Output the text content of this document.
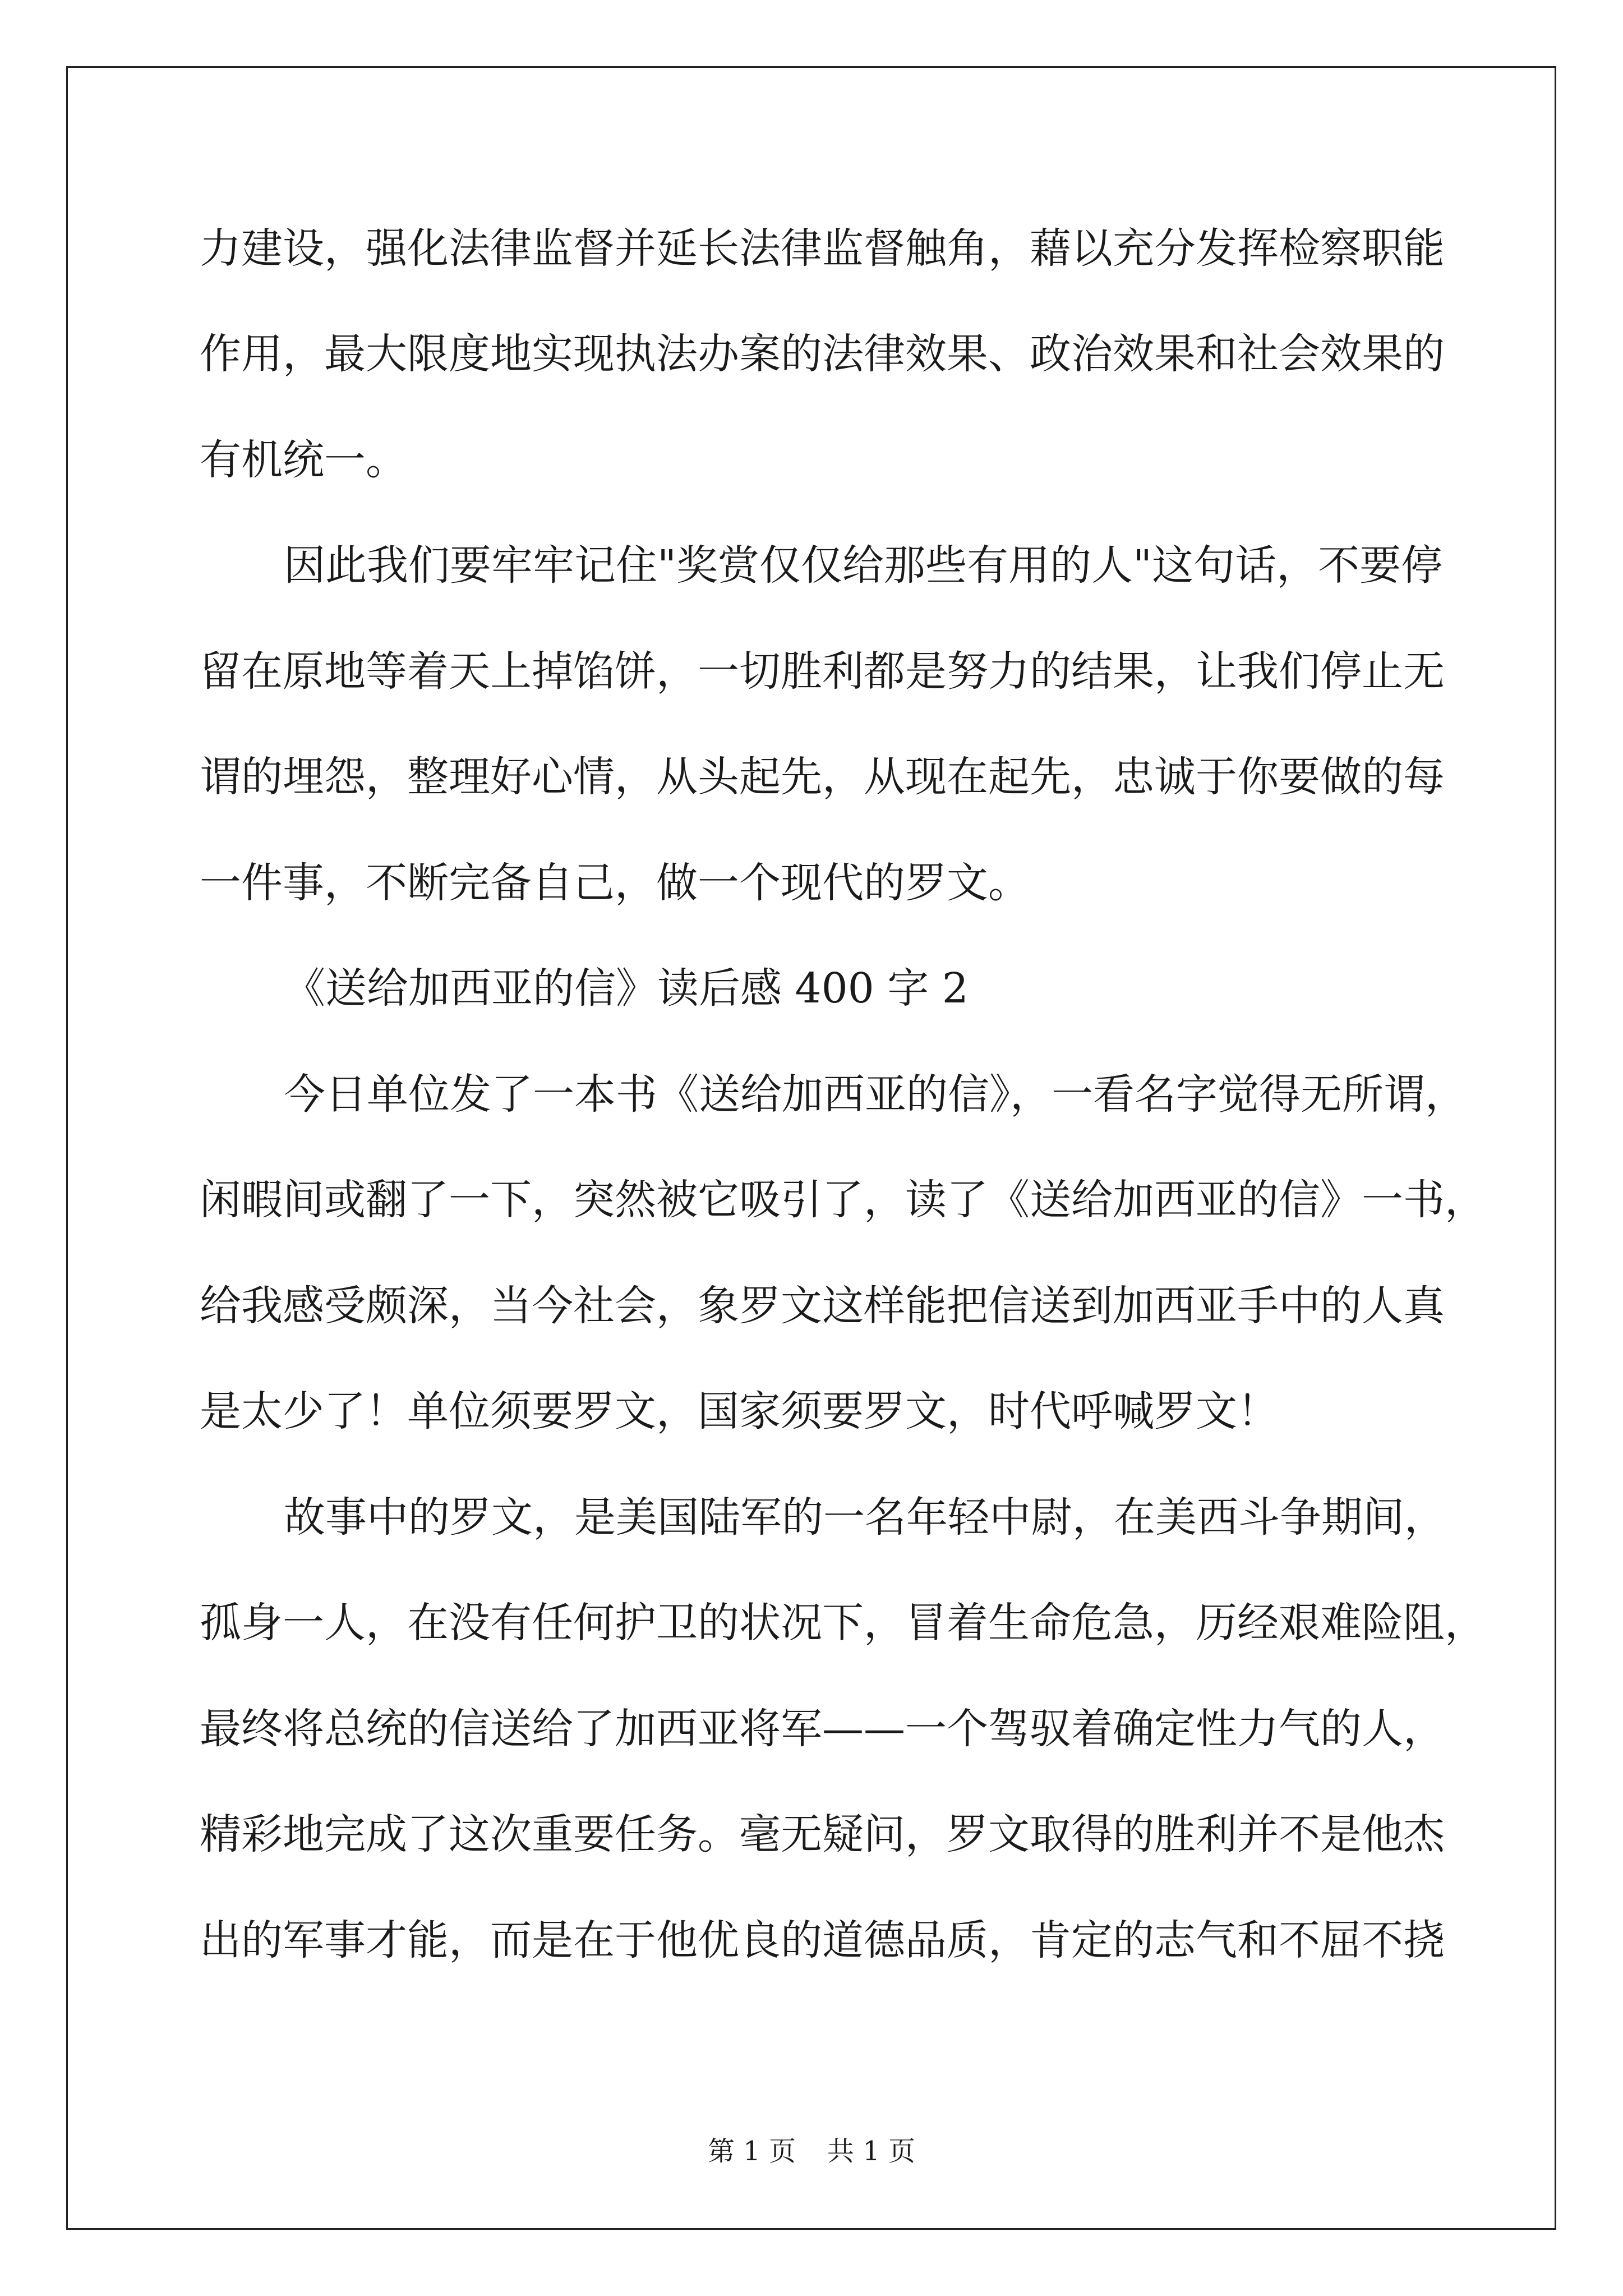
力建设，强化法律监督并延长法律监督触角，藉以充分发挥检察职能
作用，最大限度地实现执法办案的法律效果、政治效果和社会效果的
有机统一。
因此我们要牢牢记住"奖赏仅仅给那些有用的人"这句话，不要停
留在原地等着天上掉馅饼，一切胜利都是努力的结果，让我们停止无
谓的埋怨，整理好心情，从头起先，从现在起先，忠诚于你要做的每
一件事，不断完备自己，做一个现代的罗文。
《送给加西亚的信》读后感 400 字 2
今日单位发了一本书《送给加西亚的信》，一看名字觉得无所谓，
闲暇间或翻了一下，突然被它吸引了，读了《送给加西亚的信》一书，
给我感受颇深，当今社会，象罗文这样能把信送到加西亚手中的人真
是太少了！单位须要罗文，国家须要罗文，时代呼喊罗文！
故事中的罗文，是美国陆军的一名年轻中尉，在美西斗争期间，
孤身一人，在没有任何护卫的状况下，冒着生命危急，历经艰难险阻，
最终将总统的信送给了加西亚将军——一个驾驭着确定性力气的人，
精彩地完成了这次重要任务。毫无疑问，罗文取得的胜利并不是他杰
出的军事才能，而是在于他优良的道德品质，肯定的志气和不屈不挠
第 1 页 共 1 页
